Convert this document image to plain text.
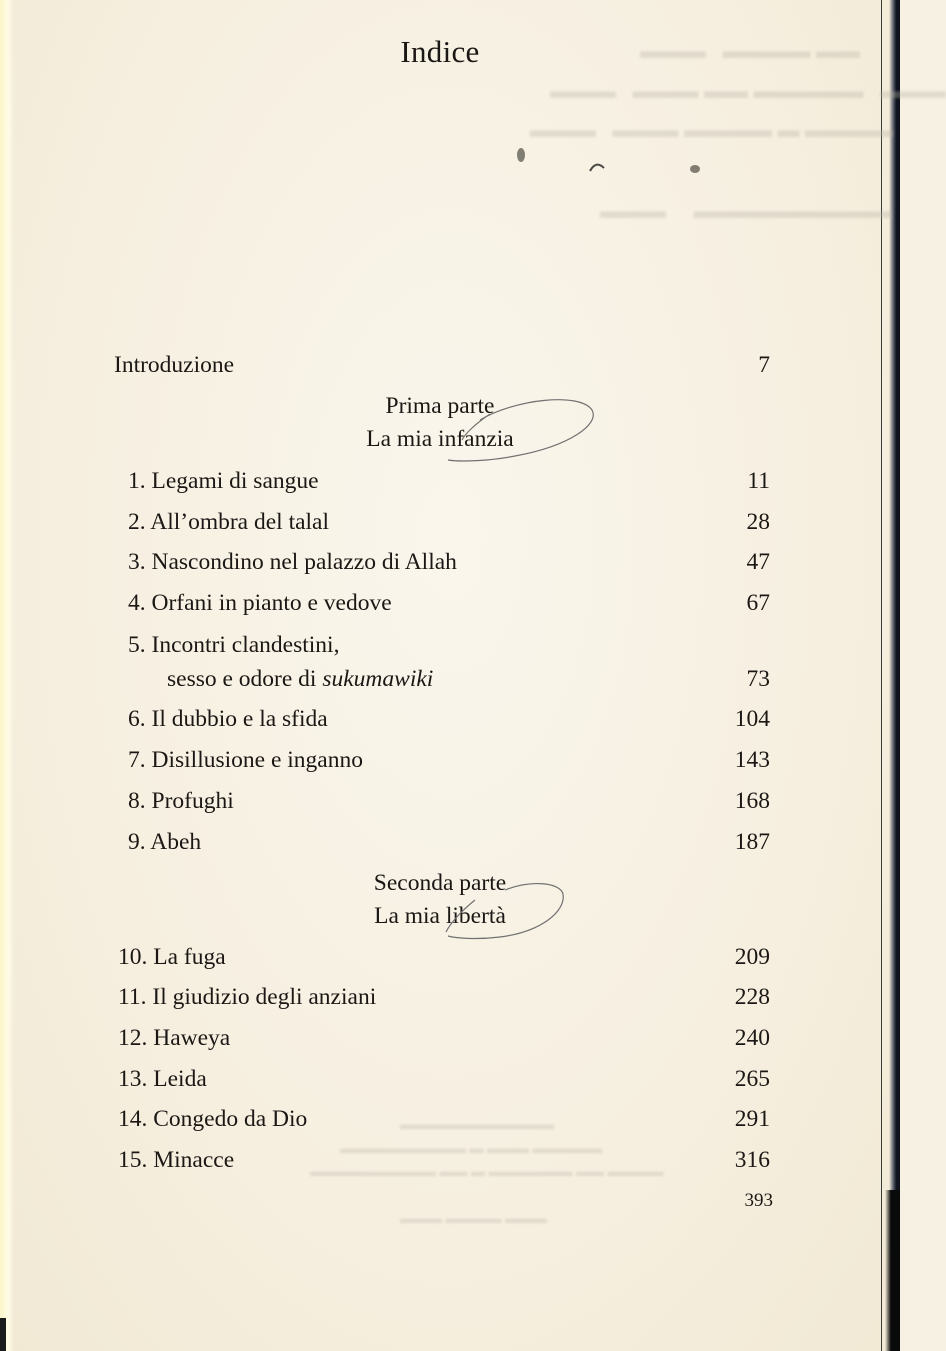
▬▬ ▬▬▬▬   ▬▬▬
▬▬▬   ▬▬▬▬▬ ▬▬ ▬▬▬   ▬▬▬
▬▬▬▬ ▬ ▬▬▬▬ ▬▬▬   ▬▬▬
▬▬▬▬▬▬▬▬▬     ▬▬▬
▬▬▬▬▬▬▬▬▬▬▬
▬▬▬▬▬ ▬▬▬ ▬ ▬▬▬▬▬▬▬▬▬
▬▬▬▬ ▬▬ ▬▬▬▬▬▬ ▬ ▬▬ ▬▬▬▬▬▬▬▬▬
▬▬▬ ▬▬▬▬ ▬▬▬
Indice
Introduzione	7
Prima parte
La mia infanzia
1. Legami di sangue	11
2. All’ombra del talal	28
3. Nascondino nel palazzo di Allah	47
4. Orfani in pianto e vedove	67
5. Incontri clandestini,
sesso e odore di sukumawiki	73
6. Il dubbio e la sfida	104
7. Disillusione e inganno	143
8. Profughi	168
9. Abeh	187
Seconda parte
La mia libertà
10. La fuga	209
11. Il giudizio degli anziani	228
12. Haweya	240
13. Leida	265
14. Congedo da Dio	291
15. Minacce	316
393
